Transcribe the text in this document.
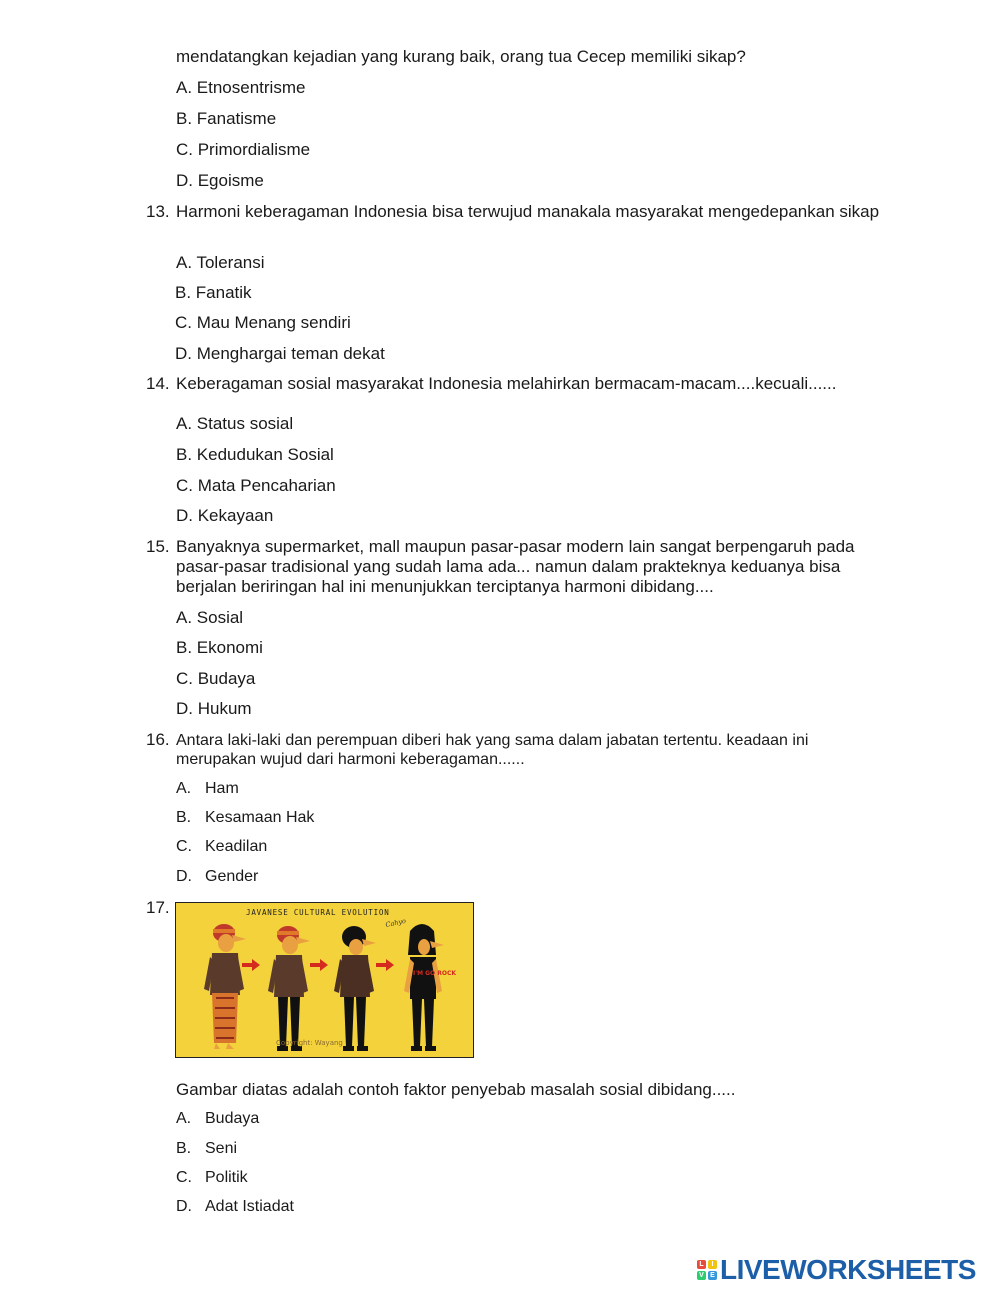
mendatangkan kejadian yang kurang baik, orang tua Cecep memiliki sikap?
A. Etnosentrisme
B. Fanatisme
C. Primordialisme
D. Egoisme
13. Harmoni keberagaman Indonesia bisa terwujud manakala masyarakat mengedepankan sikap
A. Toleransi
B. Fanatik
C. Mau Menang sendiri
D. Menghargai teman dekat
14. Keberagaman sosial masyarakat Indonesia melahirkan bermacam-macam....kecuali......
A. Status sosial
B. Kedudukan Sosial
C. Mata Pencaharian
D. Kekayaan
15. Banyaknya supermarket, mall maupun pasar-pasar modern lain sangat berpengaruh pada pasar-pasar tradisional yang sudah lama ada... namun dalam prakteknya keduanya bisa berjalan beriringan hal ini menunjukkan terciptanya harmoni dibidang....
A. Sosial
B. Ekonomi
C. Budaya
D. Hukum
16. Antara laki-laki dan perempuan diberi hak yang sama dalam jabatan tertentu. keadaan ini merupakan wujud dari harmoni keberagaman......
A. Ham
B. Kesamaan Hak
C. Keadilan
D. Gender
17.	JAVANESE CULTURAL EVOLUTION
Cahyo
I'M GO ROCK
Copyright: Wayang
Gambar diatas adalah contoh faktor penyebab masalah sosial dibidang.....
A. Budaya
B. Seni
C. Politik
D. Adat Istiadat
L	I
V E LIVEWORKSHEETS
